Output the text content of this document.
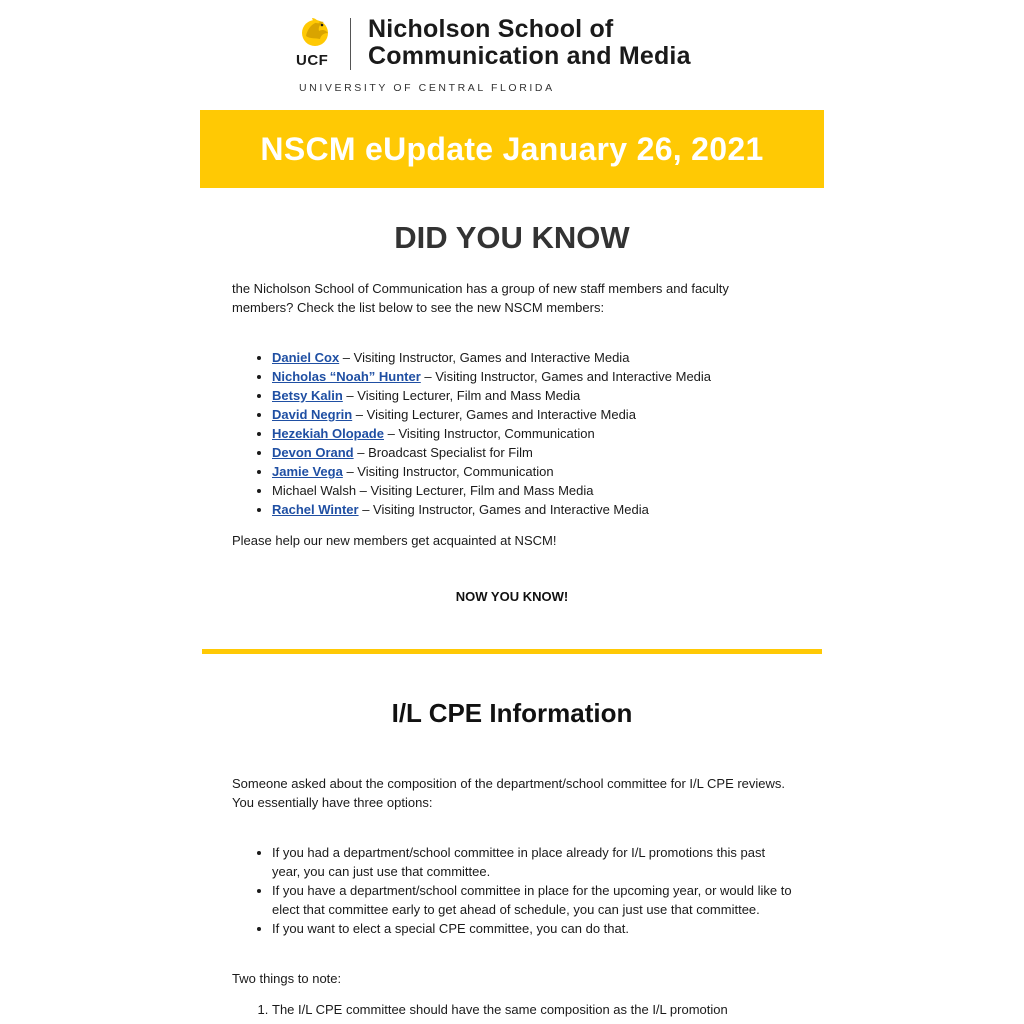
UCF
Nicholson School of
Communication and Media
UNIVERSITY OF CENTRAL FLORIDA
NSCM eUpdate January 26, 2021
DID YOU KNOW
the Nicholson School of Communication has a group of new staff members and faculty members? Check the list below to see the new NSCM members:
• Daniel Cox – Visiting Instructor, Games and Interactive Media
• Nicholas “Noah” Hunter – Visiting Instructor, Games and Interactive Media
• Betsy Kalin – Visiting Lecturer, Film and Mass Media
• David Negrin – Visiting Lecturer, Games and Interactive Media
• Hezekiah Olopade – Visiting Instructor, Communication
• Devon Orand – Broadcast Specialist for Film
• Jamie Vega – Visiting Instructor, Communication
• Michael Walsh – Visiting Lecturer, Film and Mass Media
• Rachel Winter – Visiting Instructor, Games and Interactive Media
Please help our new members get acquainted at NSCM!
NOW YOU KNOW!
I/L CPE Information
Someone asked about the composition of the department/school committee for I/L CPE reviews. You essentially have three options:
• If you had a department/school committee in place already for I/L promotions this past year, you can just use that committee.
• If you have a department/school committee in place for the upcoming year, or would like to elect that committee early to get ahead of schedule, you can just use that committee.
• If you want to elect a special CPE committee, you can do that.
Two things to note:
1. The I/L CPE committee should have the same composition as the I/L promotion
